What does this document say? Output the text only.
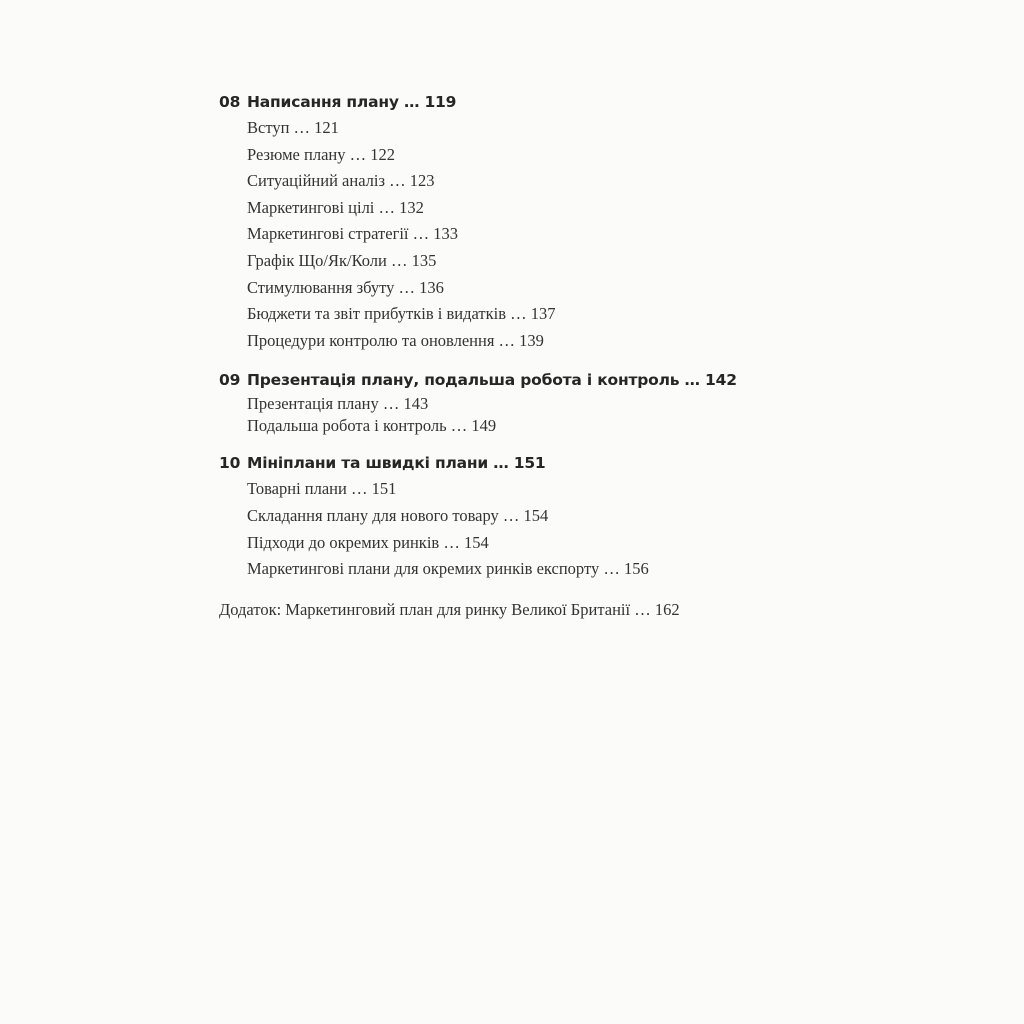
08 Написання плану … 119
Вступ … 121
Резюме плану … 122
Ситуаційний аналіз … 123
Маркетингові цілі … 132
Маркетингові стратегії … 133
Графік Що/Як/Коли … 135
Стимулювання збуту … 136
Бюджети та звіт прибутків і видатків … 137
Процедури контролю та оновлення … 139
09 Презентація плану, подальша робота і контроль … 142
Презентація плану … 143
Подальша робота і контроль … 149
10 Мініплани та швидкі плани … 151
Товарні плани … 151
Складання плану для нового товару … 154
Підходи до окремих ринків … 154
Маркетингові плани для окремих ринків експорту … 156
Додаток: Маркетинговий план для ринку Великої Британії … 162
